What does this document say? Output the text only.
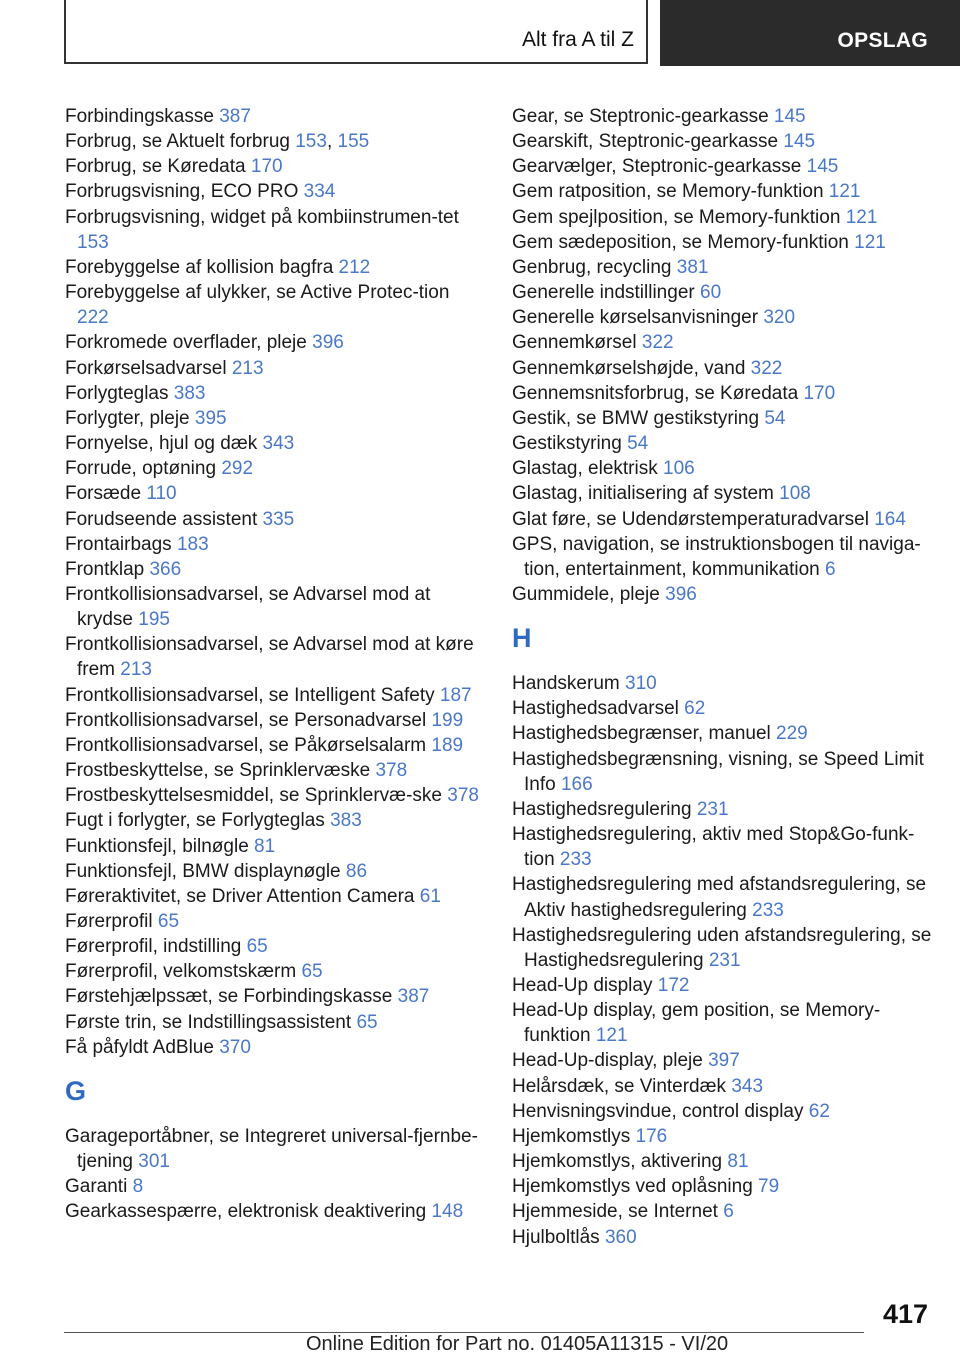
Alt fra A til Z	OPSLAG

Forbindingskasse 387

Forbrug, se Aktuelt forbrug 153, 155

Forbrug, se Køredata 170

Forbrugsvisning, ECO PRO 334

Forbrugsvisning, widget på kombiinstrumen‐tet 153

Forebyggelse af kollision bagfra 212

Forebyggelse af ulykker, se Active Protec‐tion 222

Forkromede overflader, pleje 396

Forkørselsadvarsel 213

Forlygteglas 383

Forlygter, pleje 395

Fornyelse, hjul og dæk 343

Forrude, optøning 292

Forsæde 110

Forudseende assistent 335

Frontairbags 183

Frontklap 366

Frontkollisionsadvarsel, se Advarsel mod at krydse 195

Frontkollisionsadvarsel, se Advarsel mod at køre frem 213

Frontkollisionsadvarsel, se Intelligent Safety 187

Frontkollisionsadvarsel, se Personadvarsel 199

Frontkollisionsadvarsel, se Påkørselsalarm 189

Frostbeskyttelse, se Sprinklervæske 378

Frostbeskyttelsesmiddel, se Sprinklervæ‐ske 378

Fugt i forlygter, se Forlygteglas 383

Funktionsfejl, bilnøgle 81

Funktionsfejl, BMW displaynøgle 86

Føreraktivitet, se Driver Attention Camera 61

Førerprofil 65

Førerprofil, indstilling 65

Førerprofil, velkomstskærm 65

Førstehjælpssæt, se Forbindingskasse 387

Første trin, se Indstillingsassistent 65

Få påfyldt AdBlue 370

G

Garageportåbner, se Integreret universal-fjernbe‐tjening 301

Garanti 8

Gearkassespærre, elektronisk deaktivering 148

Gear, se Steptronic-gearkasse 145

Gearskift, Steptronic-gearkasse 145

Gearvælger, Steptronic-gearkasse 145

Gem ratposition, se Memory-funktion 121

Gem spejlposition, se Memory-funktion 121

Gem sædeposition, se Memory-funktion 121

Genbrug, recycling 381

Generelle indstillinger 60

Generelle kørselsanvisninger 320

Gennemkørsel 322

Gennemkørselshøjde, vand 322

Gennemsnitsforbrug, se Køredata 170

Gestik, se BMW gestikstyring 54

Gestikstyring 54

Glastag, elektrisk 106

Glastag, initialisering af system 108

Glat føre, se Udendørstemperaturadvarsel 164

GPS, navigation, se instruktionsbogen til naviga‐tion, entertainment, kommunikation 6

Gummidele, pleje 396

H

Handskerum 310

Hastighedsadvarsel 62

Hastighedsbegrænser, manuel 229

Hastighedsbegrænsning, visning, se Speed Limit Info 166

Hastighedsregulering 231

Hastighedsregulering, aktiv med Stop&Go-funk‐tion 233

Hastighedsregulering med afstandsregulering, se Aktiv hastighedsregulering 233

Hastighedsregulering uden afstandsregulering, se Hastighedsregulering 231

Head-Up display 172

Head-Up display, gem position, se Memory-funktion 121

Head-Up-display, pleje 397

Helårsdæk, se Vinterdæk 343

Henvisningsvindue, control display 62

Hjemkomstlys 176

Hjemkomstlys, aktivering 81

Hjemkomstlys ved oplåsning 79

Hjemmeside, se Internet 6

Hjulboltlås 360

417
Online Edition for Part no. 01405A11315 - VI/20
